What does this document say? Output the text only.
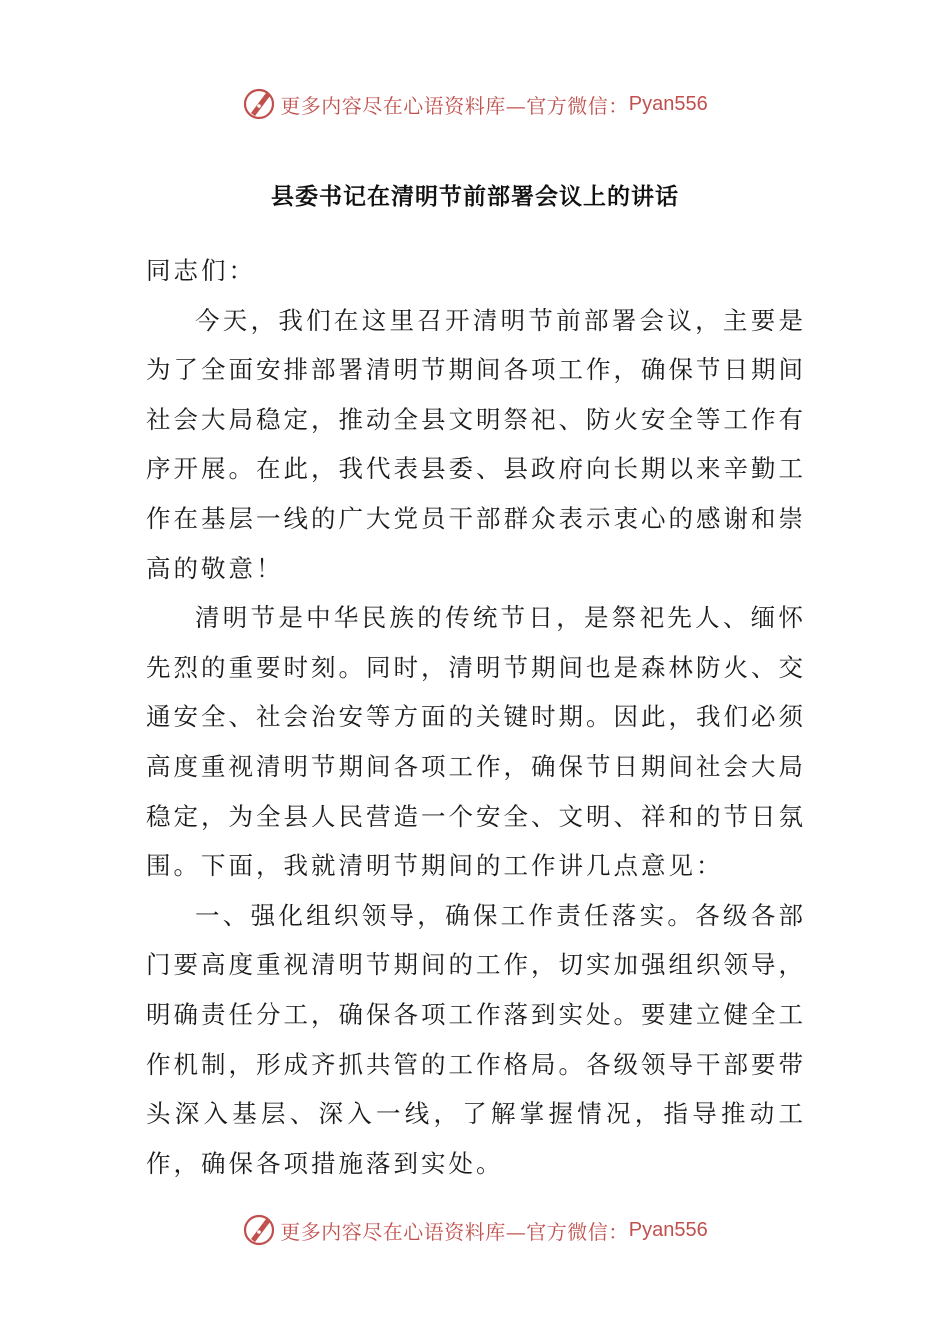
更多内容尽在心语资料库—官方微信： Pyan556
县委书记在清明节前部署会议上的讲话

同志们：

今天，我们在这里召开清明节前部署会议，主要是为了全面安排部署清明节期间各项工作，确保节日期间社会大局稳定，推动全县文明祭祀、防火安全等工作有序开展。在此，我代表县委、县政府向长期以来辛勤工作在基层一线的广大党员干部群众表示衷心的感谢和崇高的敬意！

清明节是中华民族的传统节日，是祭祀先人、缅怀先烈的重要时刻。同时，清明节期间也是森林防火、交通安全、社会治安等方面的关键时期。因此，我们必须高度重视清明节期间各项工作，确保节日期间社会大局稳定，为全县人民营造一个安全、文明、祥和的节日氛围。下面，我就清明节期间的工作讲几点意见：

一、强化组织领导，确保工作责任落实。各级各部门要高度重视清明节期间的工作，切实加强组织领导，明确责任分工，确保各项工作落到实处。要建立健全工作机制，形成齐抓共管的工作格局。各级领导干部要带头深入基层、深入一线，了解掌握情况，指导推动工作，确保各项措施落到实处。

更多内容尽在心语资料库—官方微信： Pyan556
